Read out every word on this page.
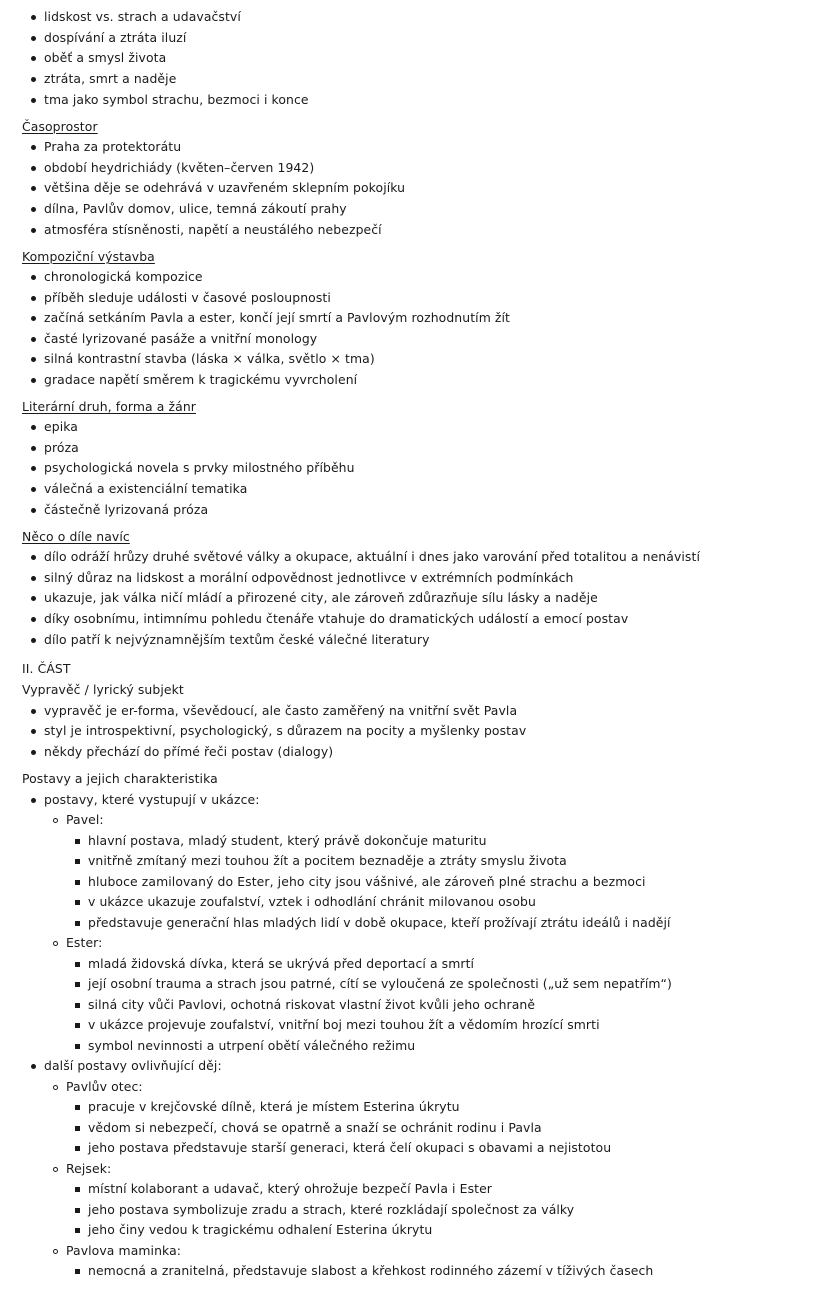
lidskost vs. strach a udavačství
dospívání a ztráta iluzí
oběť a smysl života
ztráta, smrt a naděje
tma jako symbol strachu, bezmoci i konce
Časoprostor
Praha za protektorátu
období heydrichiády (květen–červen 1942)
většina děje se odehrává v uzavřeném sklepním pokojíku
dílna, Pavlův domov, ulice, temná zákoutí prahy
atmosféra stísněnosti, napětí a neustálého nebezpečí
Kompoziční výstavba
chronologická kompozice
příběh sleduje události v časové posloupnosti
začíná setkáním Pavla a ester, končí její smrtí a Pavlovým rozhodnutím žít
časté lyrizované pasáže a vnitřní monology
silná kontrastní stavba (láska × válka, světlo × tma)
gradace napětí směrem k tragickému vyvrcholení
Literární druh, forma a žánr
epika
próza
psychologická novela s prvky milostného příběhu
válečná a existenciální tematika
částečně lyrizovaná próza
Něco o díle navíc
dílo odráží hrůzy druhé světové války a okupace, aktuální i dnes jako varování před totalitou a nenávistí
silný důraz na lidskost a morální odpovědnost jednotlivce v extrémních podmínkách
ukazuje, jak válka ničí mládí a přirozené city, ale zároveň zdůrazňuje sílu lásky a naděje
díky osobnímu, intimnímu pohledu čtenáře vtahuje do dramatických událostí a emocí postav
dílo patří k nejvýznamnějším textům české válečné literatury
II. ČÁST
Vypravěč / lyrický subjekt
vypravěč je er-forma, vševědoucí, ale často zaměřený na vnitřní svět Pavla
styl je introspektivní, psychologický, s důrazem na pocity a myšlenky postav
někdy přechází do přímé řeči postav (dialogy)
Postavy a jejich charakteristika
postavy, které vystupují v ukázce:
Pavel:
hlavní postava, mladý student, který právě dokončuje maturitu
vnitřně zmítaný mezi touhou žít a pocitem beznaděje a ztráty smyslu života
hluboce zamilovaný do Ester, jeho city jsou vášnivé, ale zároveň plné strachu a bezmoci
v ukázce ukazuje zoufalství, vztek i odhodlání chránit milovanou osobu
představuje generační hlas mladých lidí v době okupace, kteří prožívají ztrátu ideálů i nadějí
Ester:
mladá židovská dívka, která se ukrývá před deportací a smrtí
její osobní trauma a strach jsou patrné, cítí se vyloučená ze společnosti („už sem nepatřím“)
silná city vůči Pavlovi, ochotná riskovat vlastní život kvůli jeho ochraně
v ukázce projevuje zoufalství, vnitřní boj mezi touhou žít a vědomím hrozící smrti
symbol nevinnosti a utrpení obětí válečného režimu
další postavy ovlivňující děj:
Pavlův otec:
pracuje v krejčovské dílně, která je místem Esterina úkrytu
vědom si nebezpečí, chová se opatrně a snaží se ochránit rodinu i Pavla
jeho postava představuje starší generaci, která čelí okupaci s obavami a nejistotou
Rejsek:
místní kolaborant a udavač, který ohrožuje bezpečí Pavla i Ester
jeho postava symbolizuje zradu a strach, které rozkládají společnost za války
jeho činy vedou k tragickému odhalení Esterina úkrytu
Pavlova maminka:
nemocná a zranitelná, představuje slabost a křehkost rodinného zázemí v tíživých časech
